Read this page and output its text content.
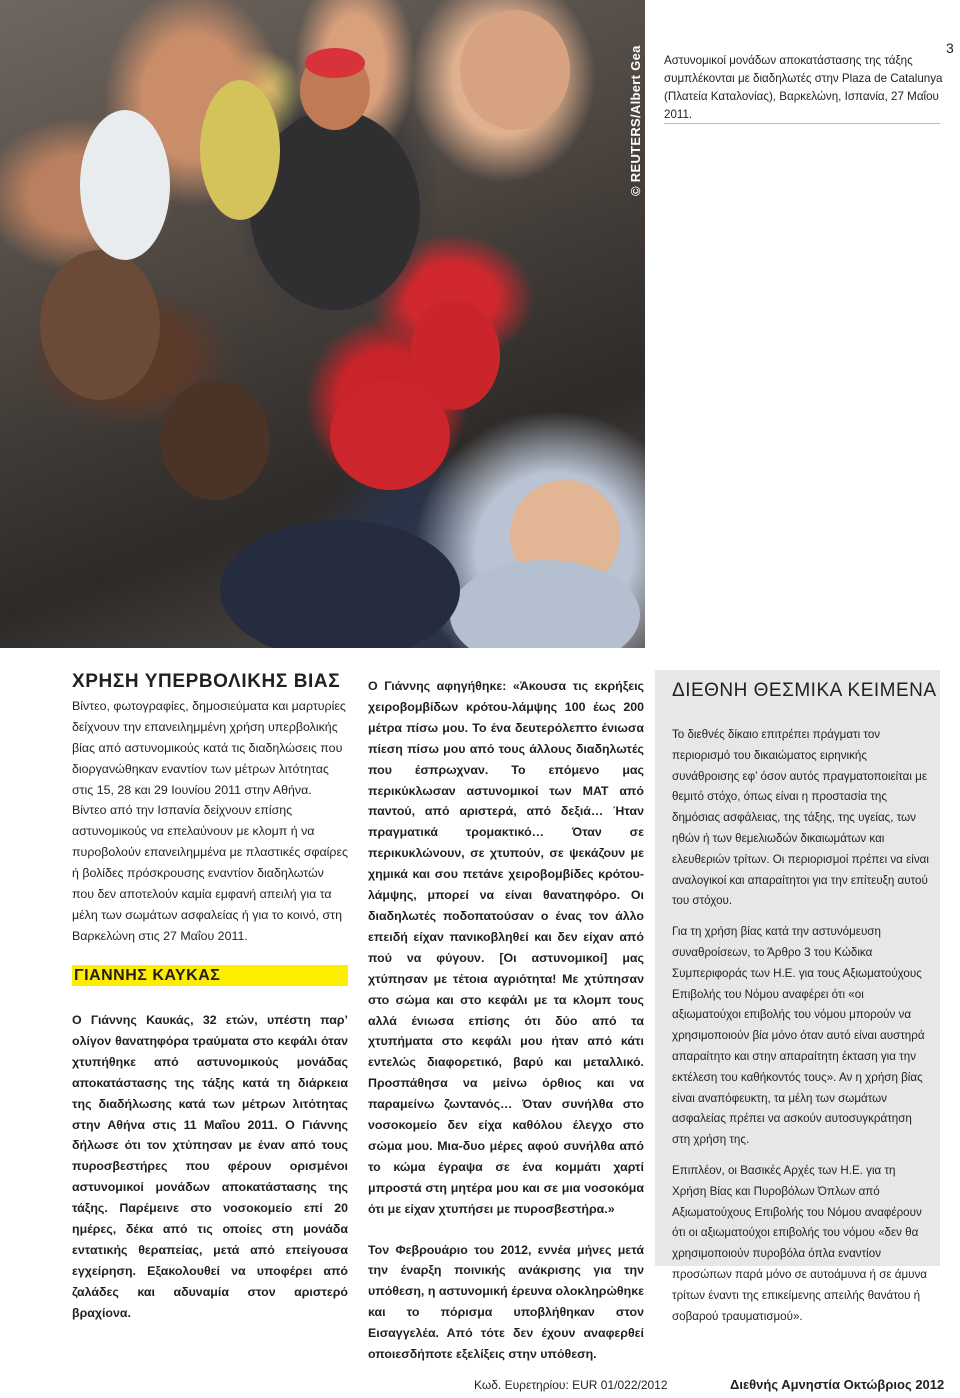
© REUTERS/Albert Gea Αστυνομικοί μονάδων αποκατάστασης της τάξης συμπλέκονται με διαδηλωτές στην Plaza de Catalunya (Πλατεία Καταλονίας), Βαρκελώνη, Ισπανία, 27 Μαΐου 2011.
3
ΧΡΗΣΗ ΥΠΕΡΒΟΛΙΚΗΣ ΒΙΑΣ

Βίντεο, φωτογραφίες, δημοσιεύματα και μαρτυρίες δείχνουν την επανειλημμένη χρήση υπερβολικής βίας από αστυνομικούς κατά τις διαδηλώσεις που διοργανώθηκαν εναντίον των μέτρων λιτότητας στις 15, 28 και 29 Ιουνίου 2011 στην Αθήνα. Βίντεο από την Ισπανία δείχνουν επίσης αστυνομικούς να επελαύνουν με κλομπ ή να πυροβολούν επανειλημμένα με πλαστικές σφαίρες ή βολίδες πρόσκρουσης εναντίον διαδηλωτών που δεν αποτελούν καμία εμφανή απειλή για τα μέλη των σωμάτων ασφαλείας ή για το κοινό, στη Βαρκελώνη στις 27 Μαΐου 2011.

ΓΙΑΝΝΗΣ ΚΑΥΚΑΣ

Ο Γιάννης Καυκάς, 32 ετών, υπέστη παρ’ ολίγον θανατηφόρα τραύματα στο κεφάλι όταν χτυπήθηκε από αστυνομικούς μονάδας αποκατάστασης της τάξης κατά τη διάρκεια της διαδήλωσης κατά των μέτρων λιτότητας στην Αθήνα στις 11 Μαΐου 2011. Ο Γιάννης δήλωσε ότι τον χτύπησαν με έναν από τους πυροσβεστήρες που φέρουν ορισμένοι αστυνομικοί μονάδων αποκατάστασης της τάξης. Παρέμεινε στο νοσοκομείο επί 20 ημέρες, δέκα από τις οποίες στη μονάδα εντατικής θεραπείας, μετά από επείγουσα εγχείρηση. Εξακολουθεί να υποφέρει από ζαλάδες και αδυναμία στον αριστερό βραχίονα.

Ο Γιάννης αφηγήθηκε: «Άκουσα τις εκρήξεις χειροβομβίδων κρότου-λάμψης 100 έως 200 μέτρα πίσω μου. Το ένα δευτερόλεπτο ένιωσα πίεση πίσω μου από τους άλλους διαδηλωτές που έσπρωχναν. Το επόμενο μας περικύκλωσαν αστυνομικοί των ΜΑΤ από παντού, από αριστερά, από δεξιά… Ήταν πραγματικά τρομακτικό… Όταν σε περικυκλώνουν, σε χτυπούν, σε ψεκάζουν με χημικά και σου πετάνε χειροβομβίδες κρότου-λάμψης, μπορεί να είναι θανατηφόρο. Οι διαδηλωτές ποδοπατούσαν ο ένας τον άλλο επειδή είχαν πανικοβληθεί και δεν είχαν από πού να φύγουν. [Οι αστυνομικοί] μας χτύπησαν με τέτοια αγριότητα! Με χτύπησαν στο σώμα και στο κεφάλι με τα κλομπ τους αλλά ένιωσα επίσης ότι δύο από τα χτυπήματα στο κεφάλι μου ήταν από κάτι εντελώς διαφορετικό, βαρύ και μεταλλικό. Προσπάθησα να μείνω όρθιος και να παραμείνω ζωντανός… Όταν συνήλθα στο νοσοκομείο δεν είχα καθόλου έλεγχο στο σώμα μου. Μια-δυο μέρες αφού συνήλθα από το κώμα έγραψα σε ένα κομμάτι χαρτί μπροστά στη μητέρα μου και σε μια νοσοκόμα ότι με είχαν χτυπήσει με πυροσβεστήρα.»

Τον Φεβρουάριο του 2012, εννέα μήνες μετά την έναρξη ποινικής ανάκρισης για την υπόθεση, η αστυνομική έρευνα ολοκληρώθηκε και το πόρισμα υποβλήθηκαν στον Εισαγγελέα. Από τότε δεν έχουν αναφερθεί οποιεσδήποτε εξελίξεις στην υπόθεση.

ΔΙΕΘΝΗ ΘΕΣΜΙΚΑ ΚΕΙΜΕΝΑ

Το διεθνές δίκαιο επιτρέπει πράγματι τον περιορισμό του δικαιώματος ειρηνικής συνάθροισης εφ’ όσον αυτός πραγματοποιείται με θεμιτό στόχο, όπως είναι η προστασία της δημόσιας ασφάλειας, της τάξης, της υγείας, των ηθών ή των θεμελιωδών δικαιωμάτων και ελευθεριών τρίτων. Οι περιορισμοί πρέπει να είναι αναλογικοί και απαραίτητοι για την επίτευξη αυτού του στόχου.

Για τη χρήση βίας κατά την αστυνόμευση συναθροίσεων, το Άρθρο 3 του Κώδικα Συμπεριφοράς των Η.Ε. για τους Αξιωματούχους Επιβολής του Νόμου αναφέρει ότι «οι αξιωματούχοι επιβολής του νόμου μπορούν να χρησιμοποιούν βία μόνο όταν αυτό είναι αυστηρά απαραίτητο και στην απαραίτητη έκταση για την εκτέλεση του καθήκοντός τους». Αν η χρήση βίας είναι αναπόφευκτη, τα μέλη των σωμάτων ασφαλείας πρέπει να ασκούν αυτοσυγκράτηση στη χρήση της.

Επιπλέον, οι Βασικές Αρχές των Η.Ε. για τη Χρήση Βίας και Πυροβόλων Όπλων από Αξιωματούχους Επιβολής του Νόμου αναφέρουν ότι οι αξιωματούχοι επιβολής του νόμου «δεν θα χρησιμοποιούν πυροβόλα όπλα εναντίον προσώπων παρά μόνο σε αυτοάμυνα ή σε άμυνα τρίτων έναντι της επικείμενης απειλής θανάτου ή σοβαρού τραυματισμού».

Κωδ. Ευρετηρίου: EUR 01/022/2012	Διεθνής Αμνηστία Οκτώβριος 2012
